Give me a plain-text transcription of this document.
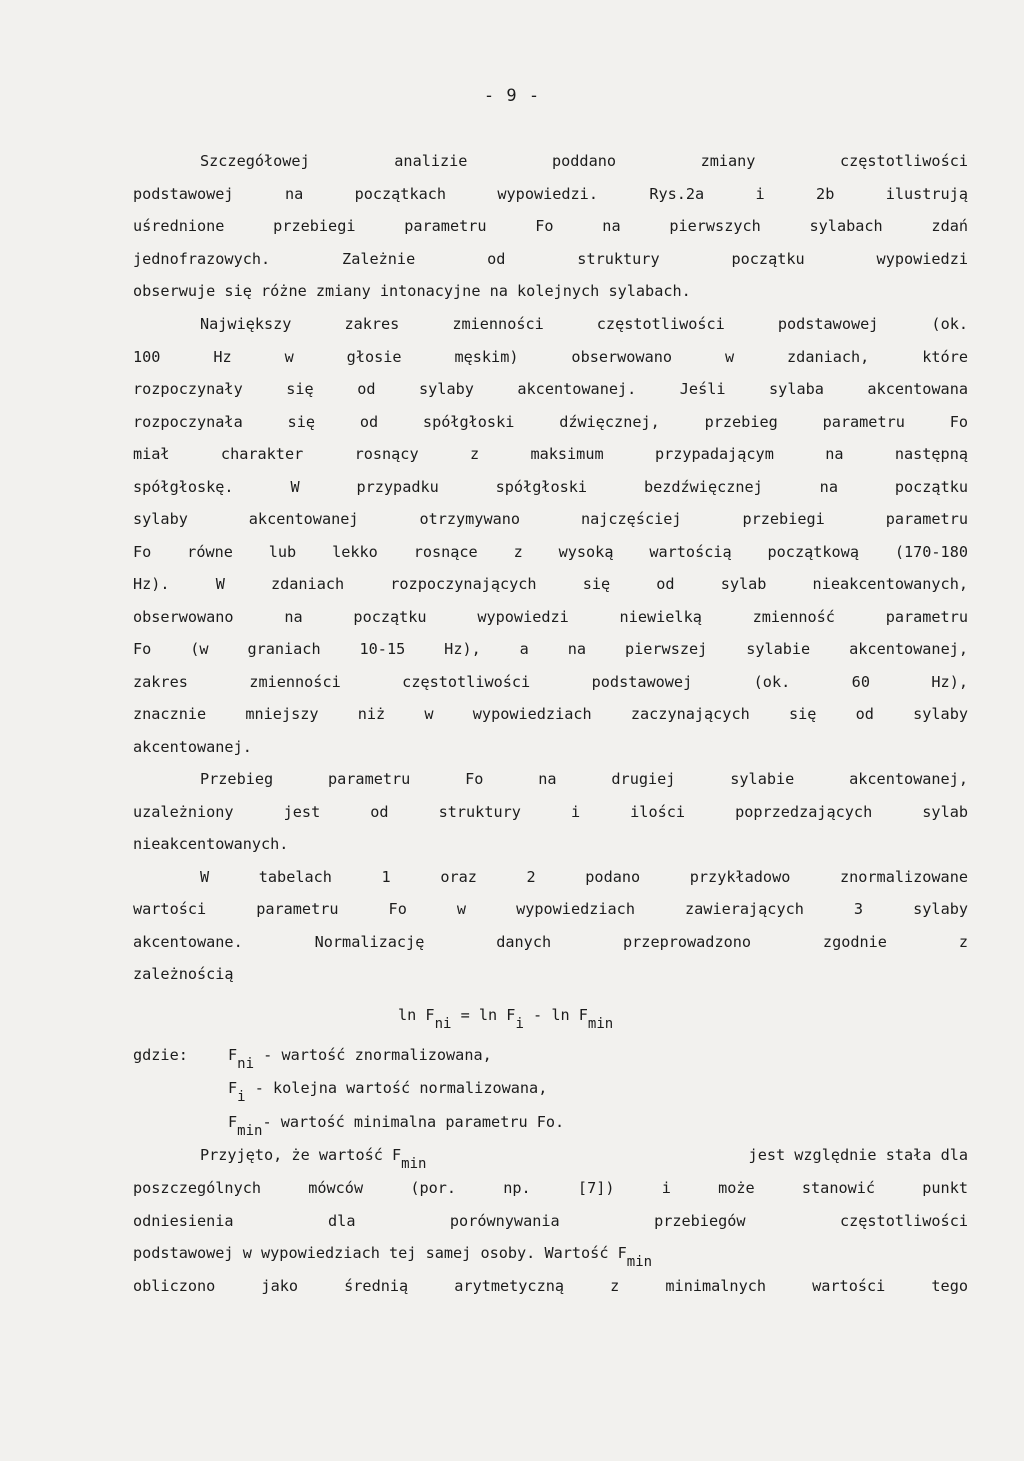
- 9 -
Szczegółowej analizie poddano zmiany częstotliwości
podstawowej na początkach wypowiedzi. Rys.2a i 2b ilustrują
uśrednione przebiegi parametru Fo na pierwszych sylabach zdań
jednofrazowych. Zależnie od struktury początku wypowiedzi
obserwuje się różne zmiany intonacyjne na kolejnych sylabach.
Największy zakres zmienności częstotliwości podstawowej (ok.
100 Hz w głosie męskim) obserwowano w zdaniach, które
rozpoczynały się od sylaby akcentowanej. Jeśli sylaba akcentowana
rozpoczynała się od spółgłoski dźwięcznej, przebieg parametru Fo
miał charakter rosnący z maksimum przypadającym na następną
spółgłoskę. W przypadku spółgłoski bezdźwięcznej na początku
sylaby akcentowanej otrzymywano najczęściej przebiegi parametru
Fo równe lub lekko rosnące z wysoką wartością początkową (170-180
Hz). W zdaniach rozpoczynających się od sylab nieakcentowanych,
obserwowano na początku wypowiedzi niewielką zmienność parametru
Fo (w graniach 10-15 Hz), a na pierwszej sylabie akcentowanej,
zakres zmienności częstotliwości podstawowej (ok. 60 Hz),
znacznie mniejszy niż w wypowiedziach zaczynających się od sylaby
akcentowanej.
Przebieg parametru Fo na drugiej sylabie akcentowanej,
uzależniony jest od struktury i ilości poprzedzających sylab
nieakcentowanych.
W tabelach 1 oraz 2 podano przykładowo znormalizowane
wartości parametru Fo w wypowiedziach zawierających 3 sylaby
akcentowane. Normalizację danych przeprowadzono zgodnie z
zależnością
ln Fni = ln Fi - ln Fmin
gdzie:	Fni - wartość znormalizowana,
Fi - kolejna wartość normalizowana,
Fmin- wartość minimalna parametru Fo.
Przyjęto, że wartość Fmin	jest względnie stała dla
poszczególnych mówców (por. np. [7]) i może stanowić punkt
odniesienia dla porównywania przebiegów częstotliwości
podstawowej w wypowiedziach tej samej osoby. Wartość Fmin
obliczono jako średnią arytmetyczną z minimalnych wartości tego
